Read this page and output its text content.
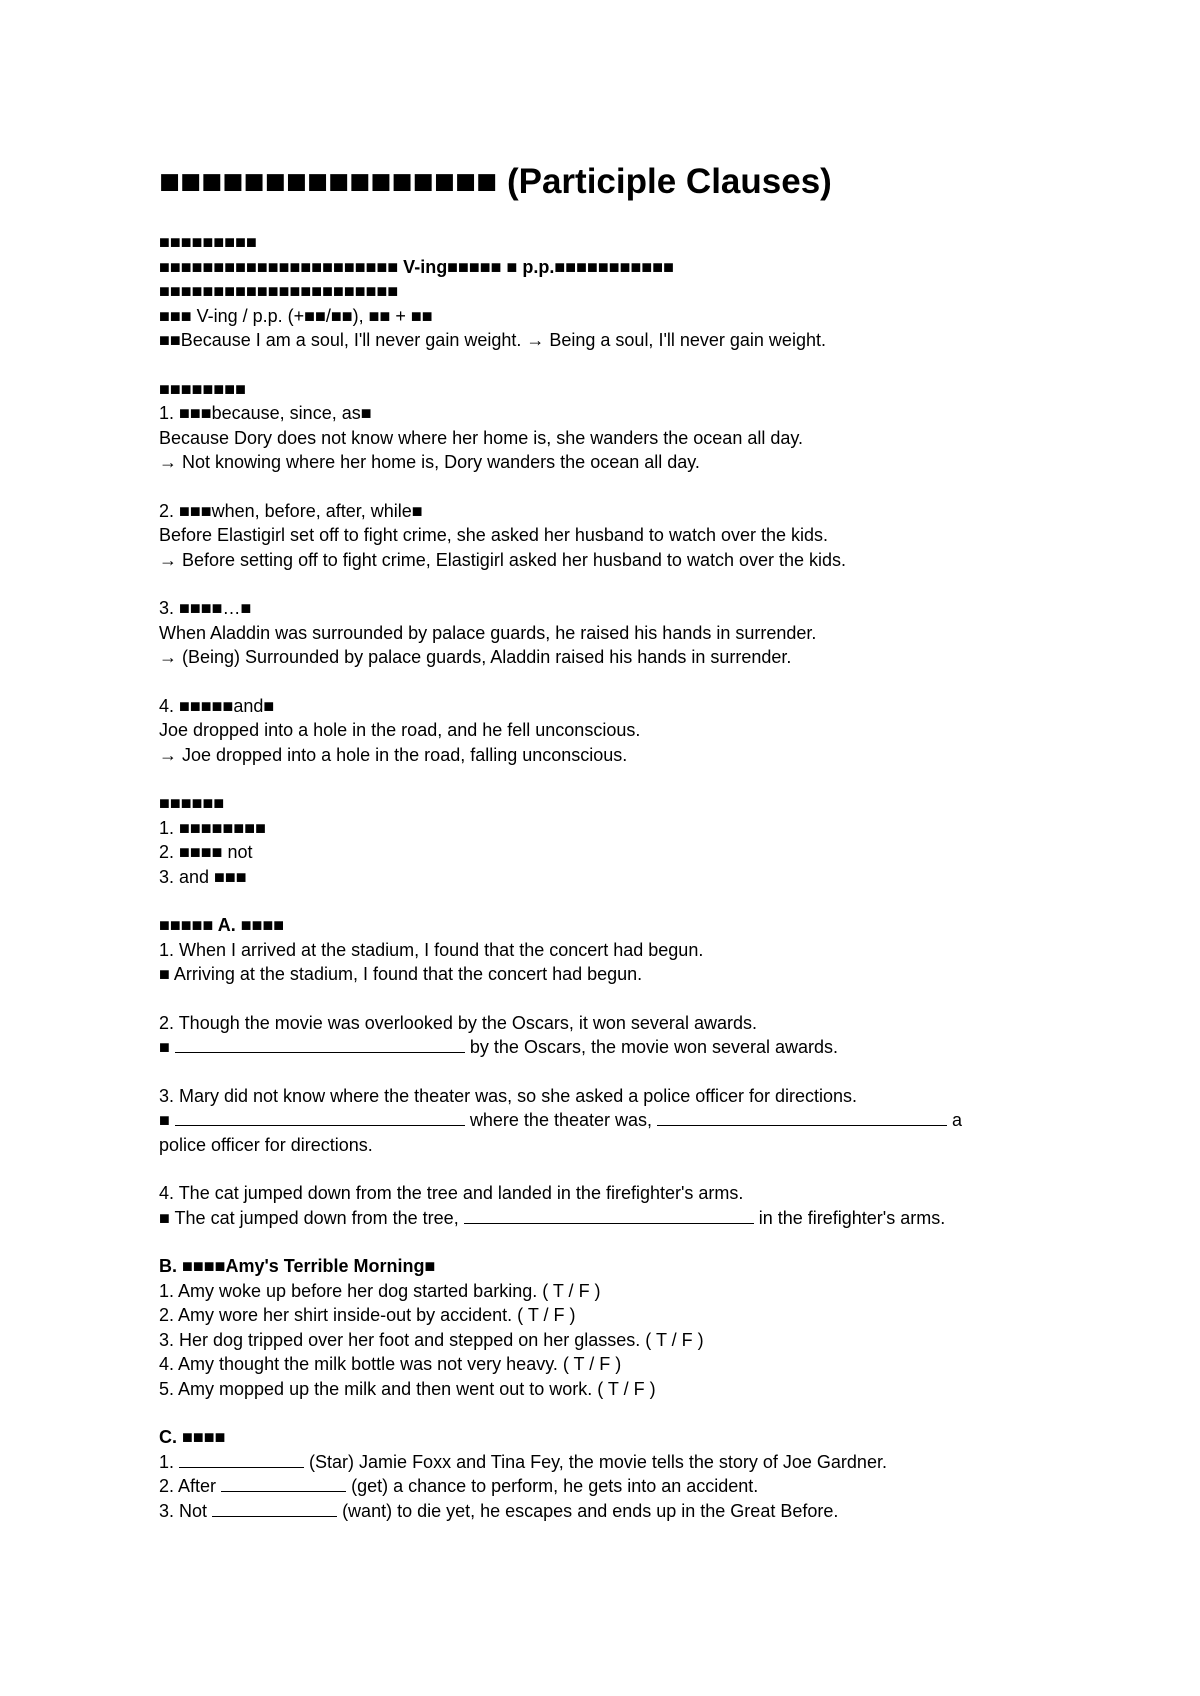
■■■■■■■■■■■■■■■■ (Participle Clauses)
■■■■■■■■■
■■■■■■■■■■■■■■■■■■■■■■ V-ing■■■■■ ■ p.p.■■■■■■■■■■■
■■■■■■■■■■■■■■■■■■■■■■
■■■ V-ing / p.p. (+■■/■■), ■■ + ■■
■■Because I am a soul, I'll never gain weight. → Being a soul, I'll never gain weight.
■■■■■■■■
1. ■■■because, since, as■
Because Dory does not know where her home is, she wanders the ocean all day.
→ Not knowing where her home is, Dory wanders the ocean all day.
2. ■■■when, before, after, while■
Before Elastigirl set off to fight crime, she asked her husband to watch over the kids.
→ Before setting off to fight crime, Elastigirl asked her husband to watch over the kids.
3. ■■■■…■
When Aladdin was surrounded by palace guards, he raised his hands in surrender.
→ (Being) Surrounded by palace guards, Aladdin raised his hands in surrender.
4. ■■■■■and■
Joe dropped into a hole in the road, and he fell unconscious.
→ Joe dropped into a hole in the road, falling unconscious.
■■■■■■
1. ■■■■■■■■
2. ■■■■ not
3. and ■■■
■■■■■ A. ■■■■
1. When I arrived at the stadium, I found that the concert had begun.
■ Arriving at the stadium, I found that the concert had begun.
2. Though the movie was overlooked by the Oscars, it won several awards.
■	by the Oscars, the movie won several awards.
3. Mary did not know where the theater was, so she asked a police officer for directions.
■	where the theater was,	a
police officer for directions.
4. The cat jumped down from the tree and landed in the firefighter's arms.
■ The cat jumped down from the tree,	in the firefighter's arms.
B. ■■■■Amy's Terrible Morning■
1. Amy woke up before her dog started barking. ( T / F )
2. Amy wore her shirt inside-out by accident. ( T / F )
3. Her dog tripped over her foot and stepped on her glasses. ( T / F )
4. Amy thought the milk bottle was not very heavy. ( T / F )
5. Amy mopped up the milk and then went out to work. ( T / F )
C. ■■■■
1.	(Star) Jamie Foxx and Tina Fey, the movie tells the story of Joe Gardner.
2. After	(get) a chance to perform, he gets into an accident.
3. Not	(want) to die yet, he escapes and ends up in the Great Before.
